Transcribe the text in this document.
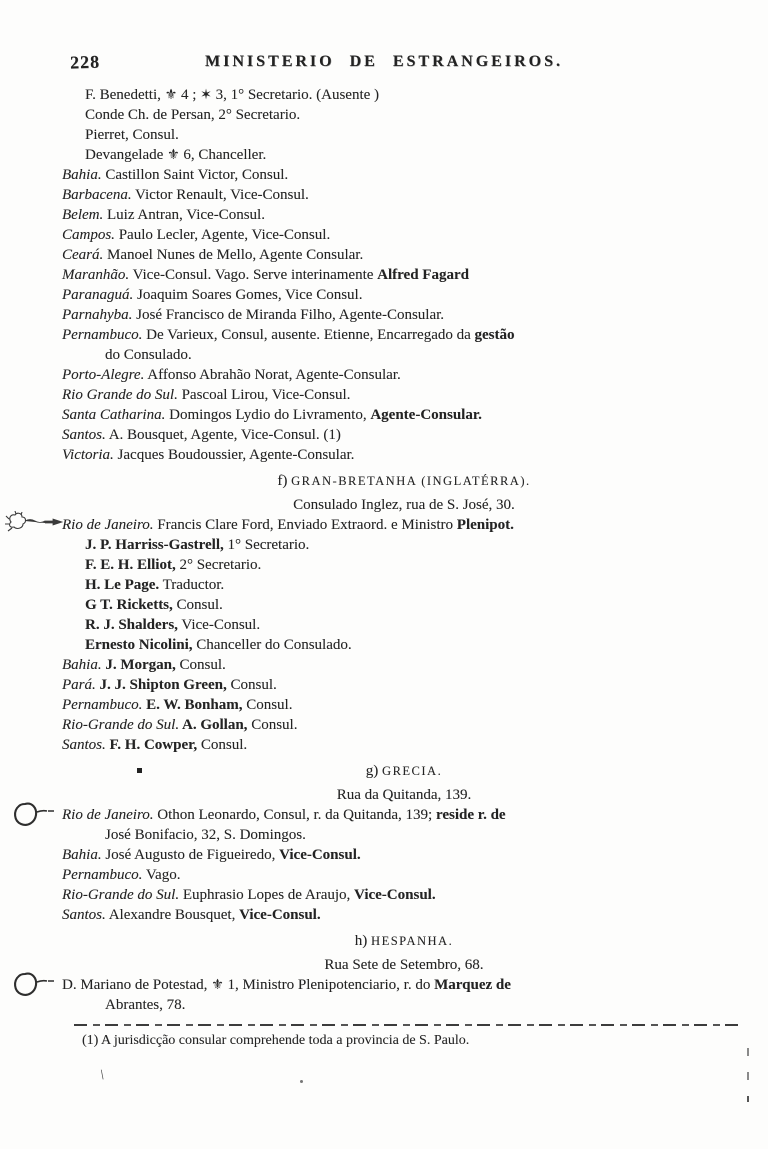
228	MINISTERIO DE ESTRANGEIROS.
F. Benedetti, ⚜ 4 ; ✶ 3, 1° Secretario. (Ausente )
Conde Ch. de Persan, 2° Secretario.
Pierret, Consul.
Devangelade ⚜ 6, Chanceller.
Bahia. Castillon Saint Victor, Consul.
Barbacena. Victor Renault, Vice-Consul.
Belem. Luiz Antran, Vice-Consul.
Campos. Paulo Lecler, Agente, Vice-Consul.
Ceará. Manoel Nunes de Mello, Agente Consular.
Maranhão. Vice-Consul. Vago. Serve interinamente Alfred Fagard
Paranaguá. Joaquim Soares Gomes, Vice Consul.
Parnahyba. José Francisco de Miranda Filho, Agente-Consular.
Pernambuco. De Varieux, Consul, ausente. Etienne, Encarregado da gestão
do Consulado.
Porto-Alegre. Affonso Abrahão Norat, Agente-Consular.
Rio Grande do Sul. Pascoal Lirou, Vice-Consul.
Santa Catharina. Domingos Lydio do Livramento, Agente-Consular.
Santos. A. Bousquet, Agente, Vice-Consul. (1)
Victoria. Jacques Boudoussier, Agente-Consular.
f) GRAN-BRETANHA (INGLATÉRRA).
Consulado Inglez, rua de S. José, 30.
Rio de Janeiro. Francis Clare Ford, Enviado Extraord. e Ministro Plenipot.
J. P. Harriss-Gastrell, 1° Secretario.
F. E. H. Elliot, 2° Secretario.
H. Le Page. Traductor.
G T. Ricketts, Consul.
R. J. Shalders, Vice-Consul.
Ernesto Nicolini, Chanceller do Consulado.
Bahia. J. Morgan, Consul.
Pará. J. J. Shipton Green, Consul.
Pernambuco. E. W. Bonham, Consul.
Rio-Grande do Sul. A. Gollan, Consul.
Santos. F. H. Cowper, Consul.
g) GRECIA.
Rua da Quitanda, 139.
Rio de Janeiro. Othon Leonardo, Consul, r. da Quitanda, 139; reside r. de
José Bonifacio, 32, S. Domingos.
Bahia. José Augusto de Figueiredo, Vice-Consul.
Pernambuco. Vago.
Rio-Grande do Sul. Euphrasio Lopes de Araujo, Vice-Consul.
Santos. Alexandre Bousquet, Vice-Consul.
h) HESPANHA.
Rua Sete de Setembro, 68.
D. Mariano de Potestad, ⚜ 1, Ministro Plenipotenciario, r. do Marquez de
Abrantes, 78.
(1) A jurisdicção consular comprehende toda a provincia de S. Paulo.
\
